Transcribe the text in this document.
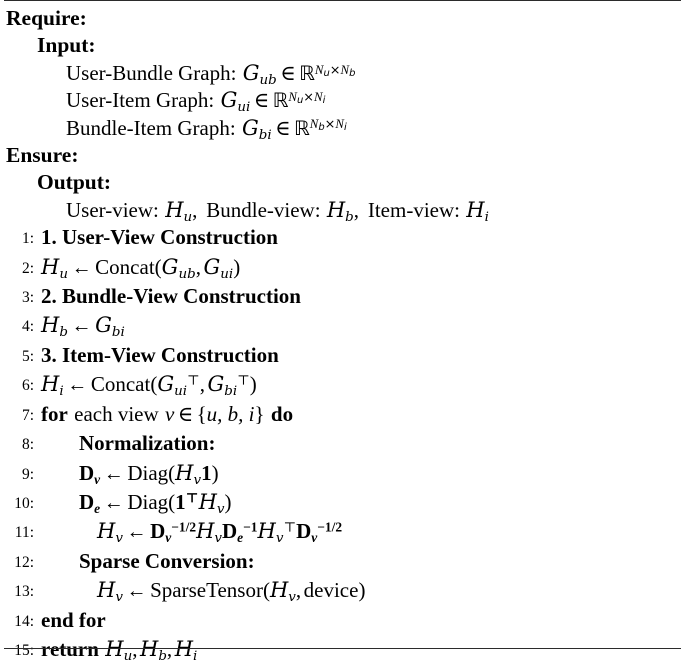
Require:
Input:
User-Bundle Graph: $G_{ub}$ ∈ ℝ$^{Nu\times Nb}$
User-Item Graph: $G_{ui}$ ∈ ℝ$^{Nu\times Ni}$
Bundle-Item Graph: $G_{bi}$ ∈ ℝ$^{Nb\times Ni}$
Ensure:
Output:
User-view: $H_u$ , Bundle-view: $H_b$ , Item-view: $H_i$
1: 1. User-View Construction
2: $H_u$ ← $Concat(G_{ub}$, $G_{ui}$)
3: 2. Bundle-View Construction
4: $H_b$ ← $G_{bi}$
5: 3. Item-View Construction
6: $H_i$ ← $Concat(G_{ui}^⊤$, $G_{bi}^⊤$)
7: for each view v ∈ {u, b, i} do
8:	Normalization:
9:	$D_v$ ← $Diag(H_v1)$
10:	$D_e$ ← $Diag(1^⊤H_v)$
11:	$H_v$ ← $D_v^{-1/2}H_vD_e^{-1}H_v^⊤D_v^{-1/2}$
12:	Sparse Conversion:
13:	$H_v$ ← $SparseTensor(H_v$, device)
14: end for
15: return $H_u$, $H_b$, $H_i$
